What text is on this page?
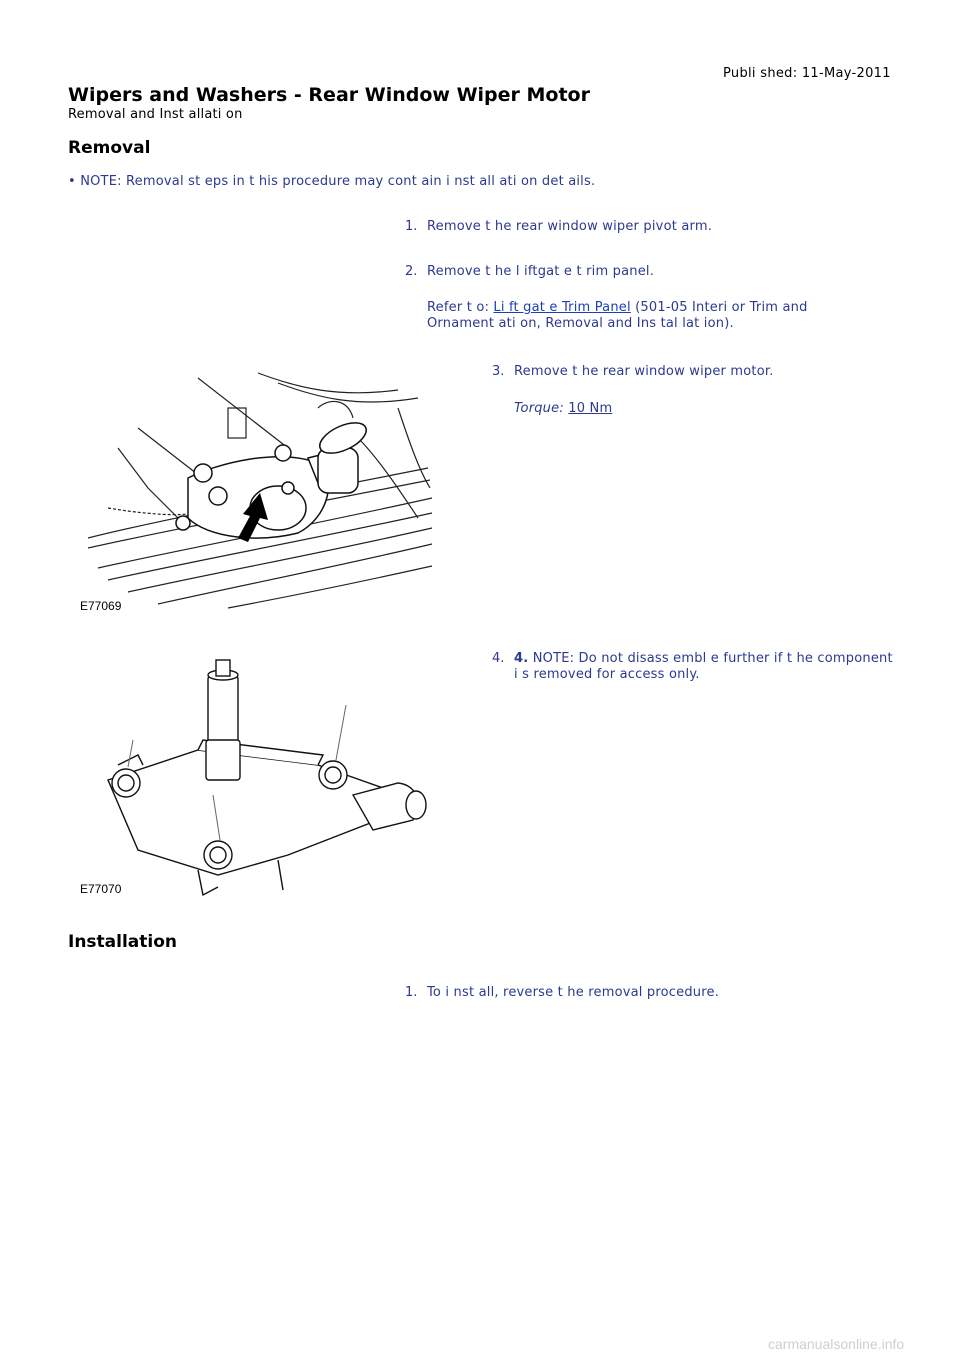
Publi shed: 11-May-2011
Wipers and Washers - Rear Window Wiper Motor
Removal and Inst allati on
Removal
• NOTE: Removal st eps in t his procedure may cont ain i nst all ati on det ails.
1. Remove t he rear window wiper pivot arm.
2. Remove t he l iftgat e t rim panel.
Refer t o: Li ft gat e Trim Panel (501-05 Interi or Trim and
Ornament ati on, Removal and Ins tal lat ion).
3. Remove t he rear window wiper motor.
Torque: 10 Nm
E77069
4. 4. NOTE: Do not disass embl e further if t he component
i s removed for access only.
E77070
Installation
1. To i nst all, reverse t he removal procedure.
carmanualsonline.info
